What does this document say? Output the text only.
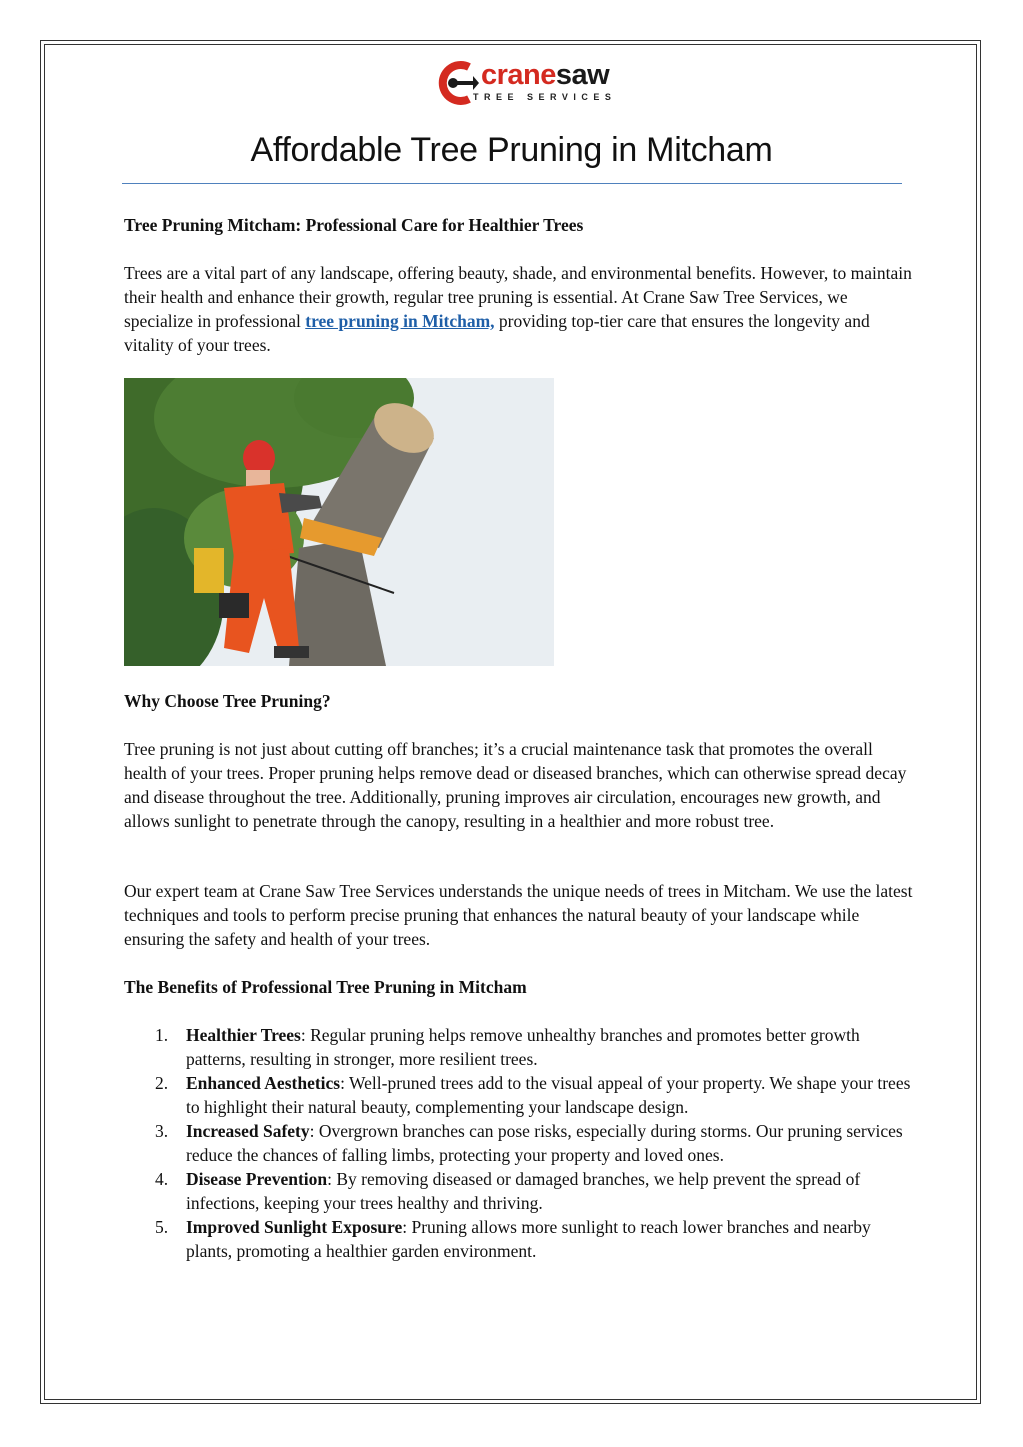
cranesaw
TREE SERVICES
Affordable Tree Pruning in Mitcham
Tree Pruning Mitcham: Professional Care for Healthier Trees

Trees are a vital part of any landscape, offering beauty, shade, and environmental benefits. However, to maintain their health and enhance their growth, regular tree pruning is essential. At Crane Saw Tree Services, we specialize in professional tree pruning in Mitcham, providing top-tier care that ensures the longevity and vitality of your trees.

Why Choose Tree Pruning?

Tree pruning is not just about cutting off branches; it’s a crucial maintenance task that promotes the overall health of your trees. Proper pruning helps remove dead or diseased branches, which can otherwise spread decay and disease throughout the tree. Additionally, pruning improves air circulation, encourages new growth, and allows sunlight to penetrate through the canopy, resulting in a healthier and more robust tree.

Our expert team at Crane Saw Tree Services understands the unique needs of trees in Mitcham. We use the latest techniques and tools to perform precise pruning that enhances the natural beauty of your landscape while ensuring the safety and health of your trees.

The Benefits of Professional Tree Pruning in Mitcham
1. Healthier Trees: Regular pruning helps remove unhealthy branches and promotes better growth patterns, resulting in stronger, more resilient trees.
2. Enhanced Aesthetics: Well-pruned trees add to the visual appeal of your property. We shape your trees to highlight their natural beauty, complementing your landscape design.
3. Increased Safety: Overgrown branches can pose risks, especially during storms. Our pruning services reduce the chances of falling limbs, protecting your property and loved ones.
4. Disease Prevention: By removing diseased or damaged branches, we help prevent the spread of infections, keeping your trees healthy and thriving.
5. Improved Sunlight Exposure: Pruning allows more sunlight to reach lower branches and nearby plants, promoting a healthier garden environment.
